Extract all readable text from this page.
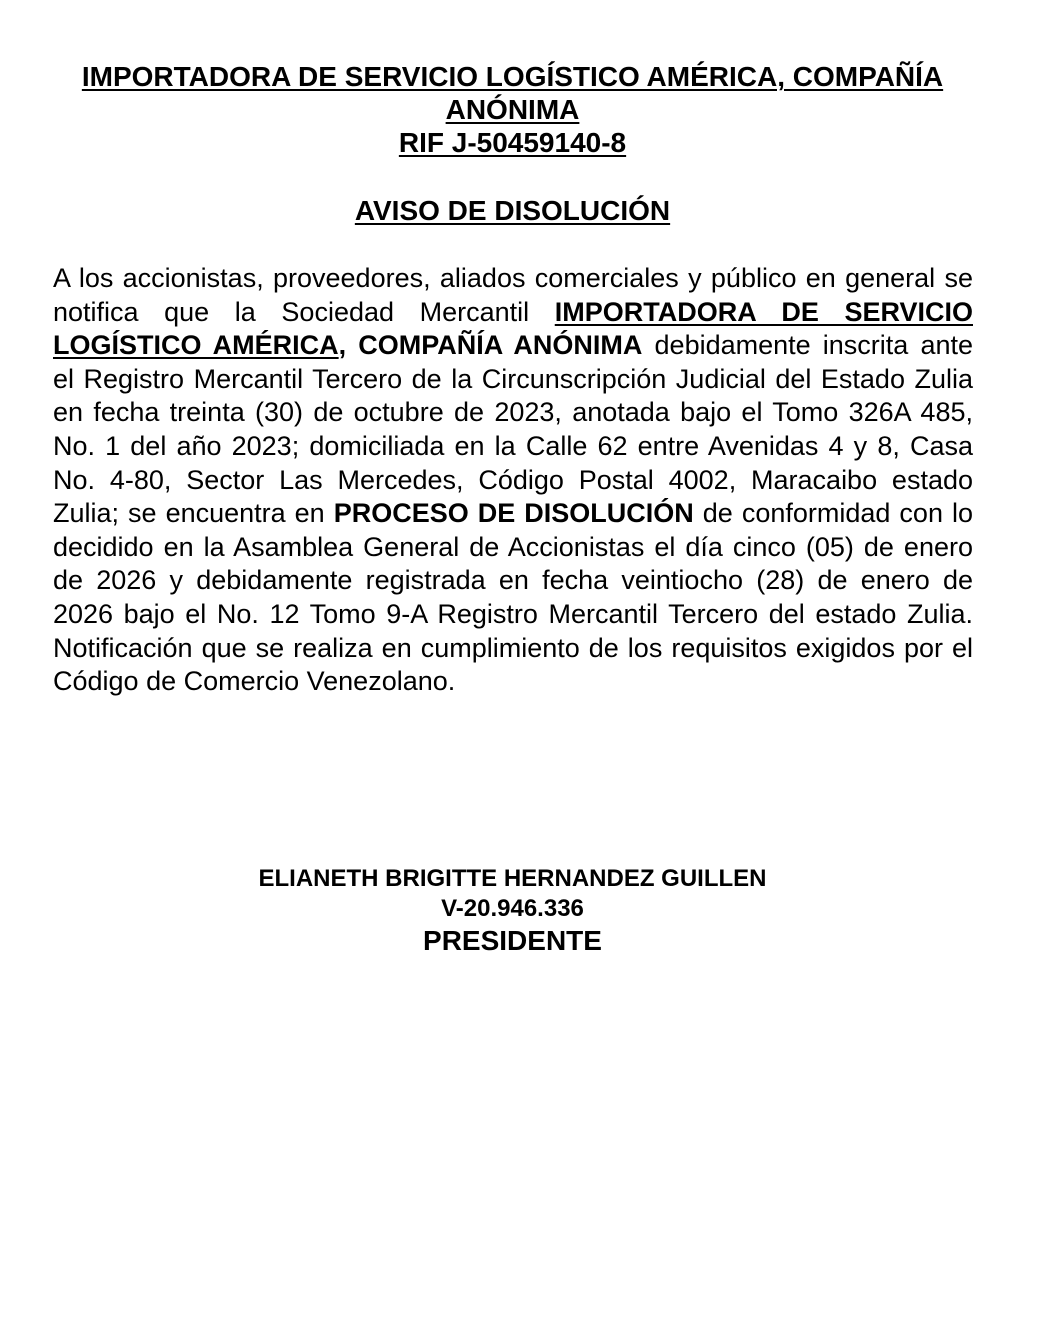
IMPORTADORA DE SERVICIO LOGÍSTICO AMÉRICA, COMPAÑÍA
ANÓNIMA
RIF J-50459140-8
AVISO DE DISOLUCIÓN
A los accionistas, proveedores, aliados comerciales y público en general se notifica que la Sociedad Mercantil IMPORTADORA DE SERVICIO LOGÍSTICO AMÉRICA, COMPAÑÍA ANÓNIMA debidamente inscrita ante el Registro Mercantil Tercero de la Circunscripción Judicial del Estado Zulia en fecha treinta (30) de octubre de 2023, anotada bajo el Tomo 326A 485, No. 1 del año 2023; domiciliada en la Calle 62 entre Avenidas 4 y 8, Casa No. 4-80, Sector Las Mercedes, Código Postal 4002, Maracaibo estado Zulia; se encuentra en PROCESO DE DISOLUCIÓN de conformidad con lo decidido en la Asamblea General de Accionistas el día cinco (05) de enero de 2026 y debidamente registrada en fecha veintiocho (28) de enero de 2026 bajo el No. 12 Tomo 9-A Registro Mercantil Tercero del estado Zulia. Notificación que se realiza en cumplimiento de los requisitos exigidos por el Código de Comercio Venezolano.
ELIANETH BRIGITTE HERNANDEZ GUILLEN
V-20.946.336
PRESIDENTE
